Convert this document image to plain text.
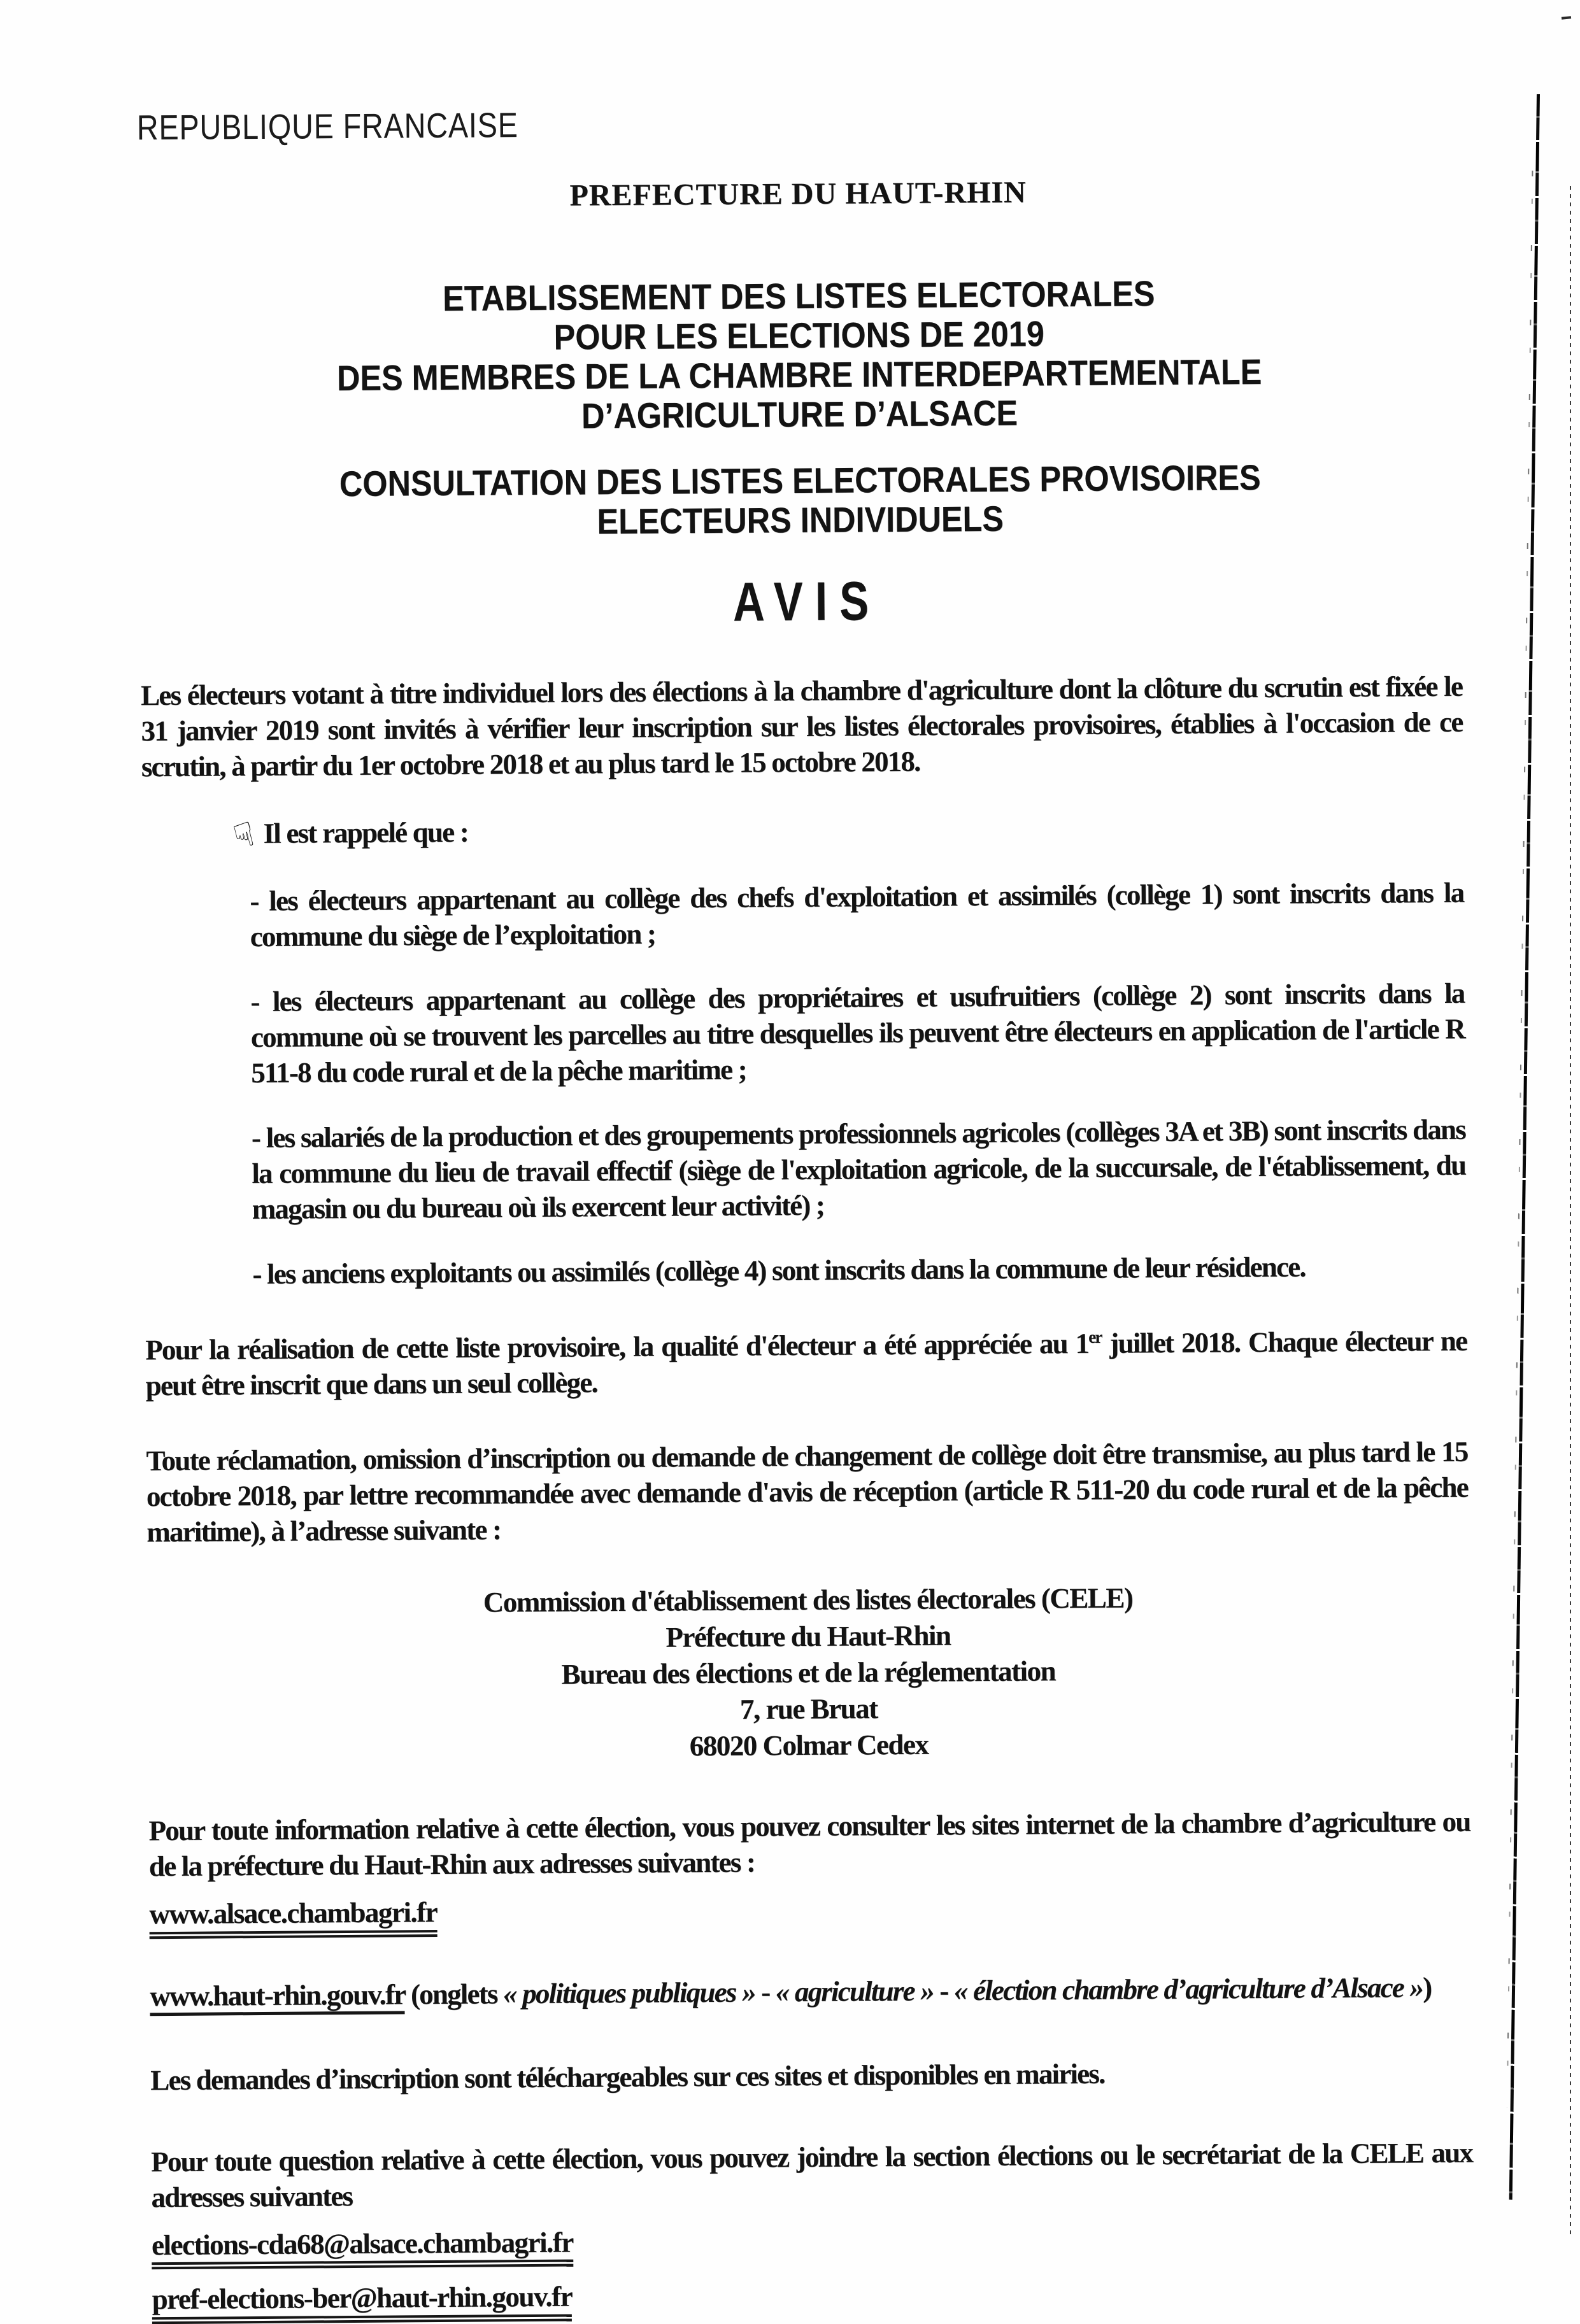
REPUBLIQUE FRANCAISE
PREFECTURE DU HAUT-RHIN
ETABLISSEMENT DES LISTES ELECTORALES
POUR LES ELECTIONS DE 2019
DES MEMBRES DE LA CHAMBRE INTERDEPARTEMENTALE
D’AGRICULTURE D’ALSACE
CONSULTATION DES LISTES ELECTORALES PROVISOIRES
ELECTEURS INDIVIDUELS
AVIS

Les électeurs votant à titre individuel lors des élections à la chambre d'agriculture dont la clôture du scrutin est fixée le 31 janvier 2019 sont invités à vérifier leur inscription sur les listes électorales provisoires, établies à l'occasion de ce scrutin, à partir du 1er octobre 2018 et au plus tard le 15 octobre 2018.

☟ Il est rappelé que :

- les électeurs appartenant au collège des chefs d'exploitation et assimilés (collège 1) sont inscrits dans la commune du siège de l’exploitation ;

- les électeurs appartenant au collège des propriétaires et usufruitiers (collège 2) sont inscrits dans la commune où se trouvent les parcelles au titre desquelles ils peuvent être électeurs en application de l'article R 511-8 du code rural et de la pêche maritime ;

- les salariés de la production et des groupements professionnels agricoles (collèges 3A et 3B) sont inscrits dans la commune du lieu de travail effectif (siège de l'exploitation agricole, de la succursale, de l'établissement, du magasin ou du bureau où ils exercent leur activité) ;

- les anciens exploitants ou assimilés (collège 4) sont inscrits dans la commune de leur résidence.

Pour la réalisation de cette liste provisoire, la qualité d'électeur a été appréciée au 1er juillet 2018. Chaque électeur ne peut être inscrit que dans un seul collège.

Toute réclamation, omission d’inscription ou demande de changement de collège doit être transmise, au plus tard le 15 octobre 2018, par lettre recommandée avec demande d'avis de réception (article R 511-20 du code rural et de la pêche maritime), à l’adresse suivante :

Commission d'établissement des listes électorales (CELE)
Préfecture du Haut-Rhin
Bureau des élections et de la réglementation
7, rue Bruat
68020 Colmar Cedex

Pour toute information relative à cette élection, vous pouvez consulter les sites internet de la chambre d’agriculture ou de la préfecture du Haut-Rhin aux adresses suivantes :

www.alsace.chambagri.fr

www.haut-rhin.gouv.fr (onglets « politiques publiques » - « agriculture » - « élection chambre d’agriculture d’Alsace »)

Les demandes d’inscription sont téléchargeables sur ces sites et disponibles en mairies.

Pour toute question relative à cette élection, vous pouvez joindre la section élections ou le secrétariat de la CELE aux adresses suivantes

elections-cda68@alsace.chambagri.fr
pref-elections-ber@haut-rhin.gouv.fr
